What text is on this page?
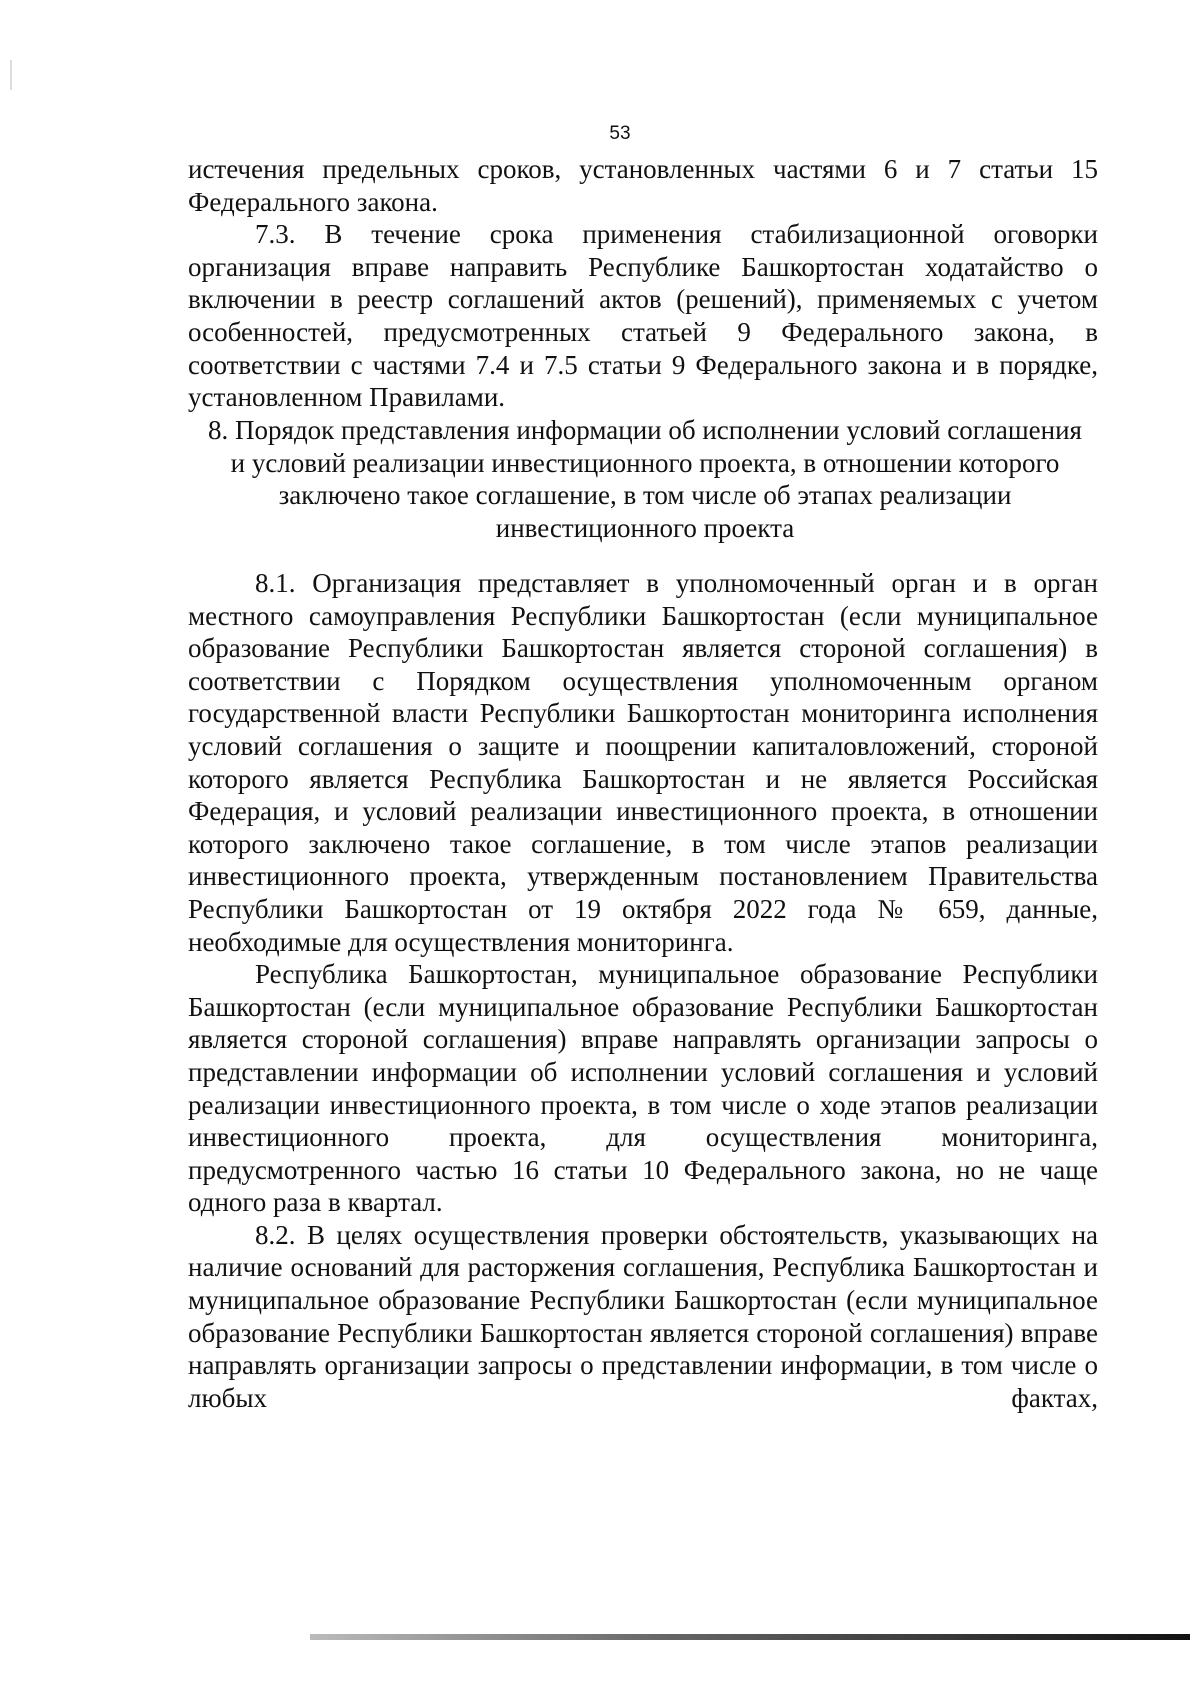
53

истечения предельных сроков, установленных частями 6 и 7 статьи 15 Федерального закона.

7.3. В течение срока применения стабилизационной оговорки организация вправе направить Республике Башкортостан ходатайство о включении в реестр соглашений актов (решений), применяемых с учетом особенностей, предусмотренных статьей 9 Федерального закона, в соответствии с частями 7.4 и 7.5 статьи 9 Федерального закона и в порядке, установленном Правилами.

8. Порядок представления информации об исполнении условий соглашения и условий реализации инвестиционного проекта, в отношении которого заключено такое соглашение, в том числе об этапах реализации инвестиционного проекта

8.1. Организация представляет в уполномоченный орган и в орган местного самоуправления Республики Башкортостан (если муниципальное образование Республики Башкортостан является стороной соглашения) в соответствии с Порядком осуществления уполномоченным органом государственной власти Республики Башкортостан мониторинга исполнения условий соглашения о защите и поощрении капиталовложений, стороной которого является Республика Башкортостан и не является Российская Федерация, и условий реализации инвестиционного проекта, в отношении которого заключено такое соглашение, в том числе этапов реализации инвестиционного проекта, утвержденным постановлением Правительства Республики Башкортостан от 19 октября 2022 года № 659, данные, необходимые для осуществления мониторинга.

Республика Башкортостан, муниципальное образование Республики Башкортостан (если муниципальное образование Республики Башкортостан является стороной соглашения) вправе направлять организации запросы о представлении информации об исполнении условий соглашения и условий реализации инвестиционного проекта, в том числе о ходе этапов реализации инвестиционного проекта, для осуществления мониторинга, предусмотренного частью 16 статьи 10 Федерального закона, но не чаще одного раза в квартал.

8.2. В целях осуществления проверки обстоятельств, указывающих на наличие оснований для расторжения соглашения, Республика Башкортостан и муниципальное образование Республики Башкортостан (если муниципальное образование Республики Башкортостан является стороной соглашения) вправе направлять организации запросы о представлении информации, в том числе о любых фактах,
